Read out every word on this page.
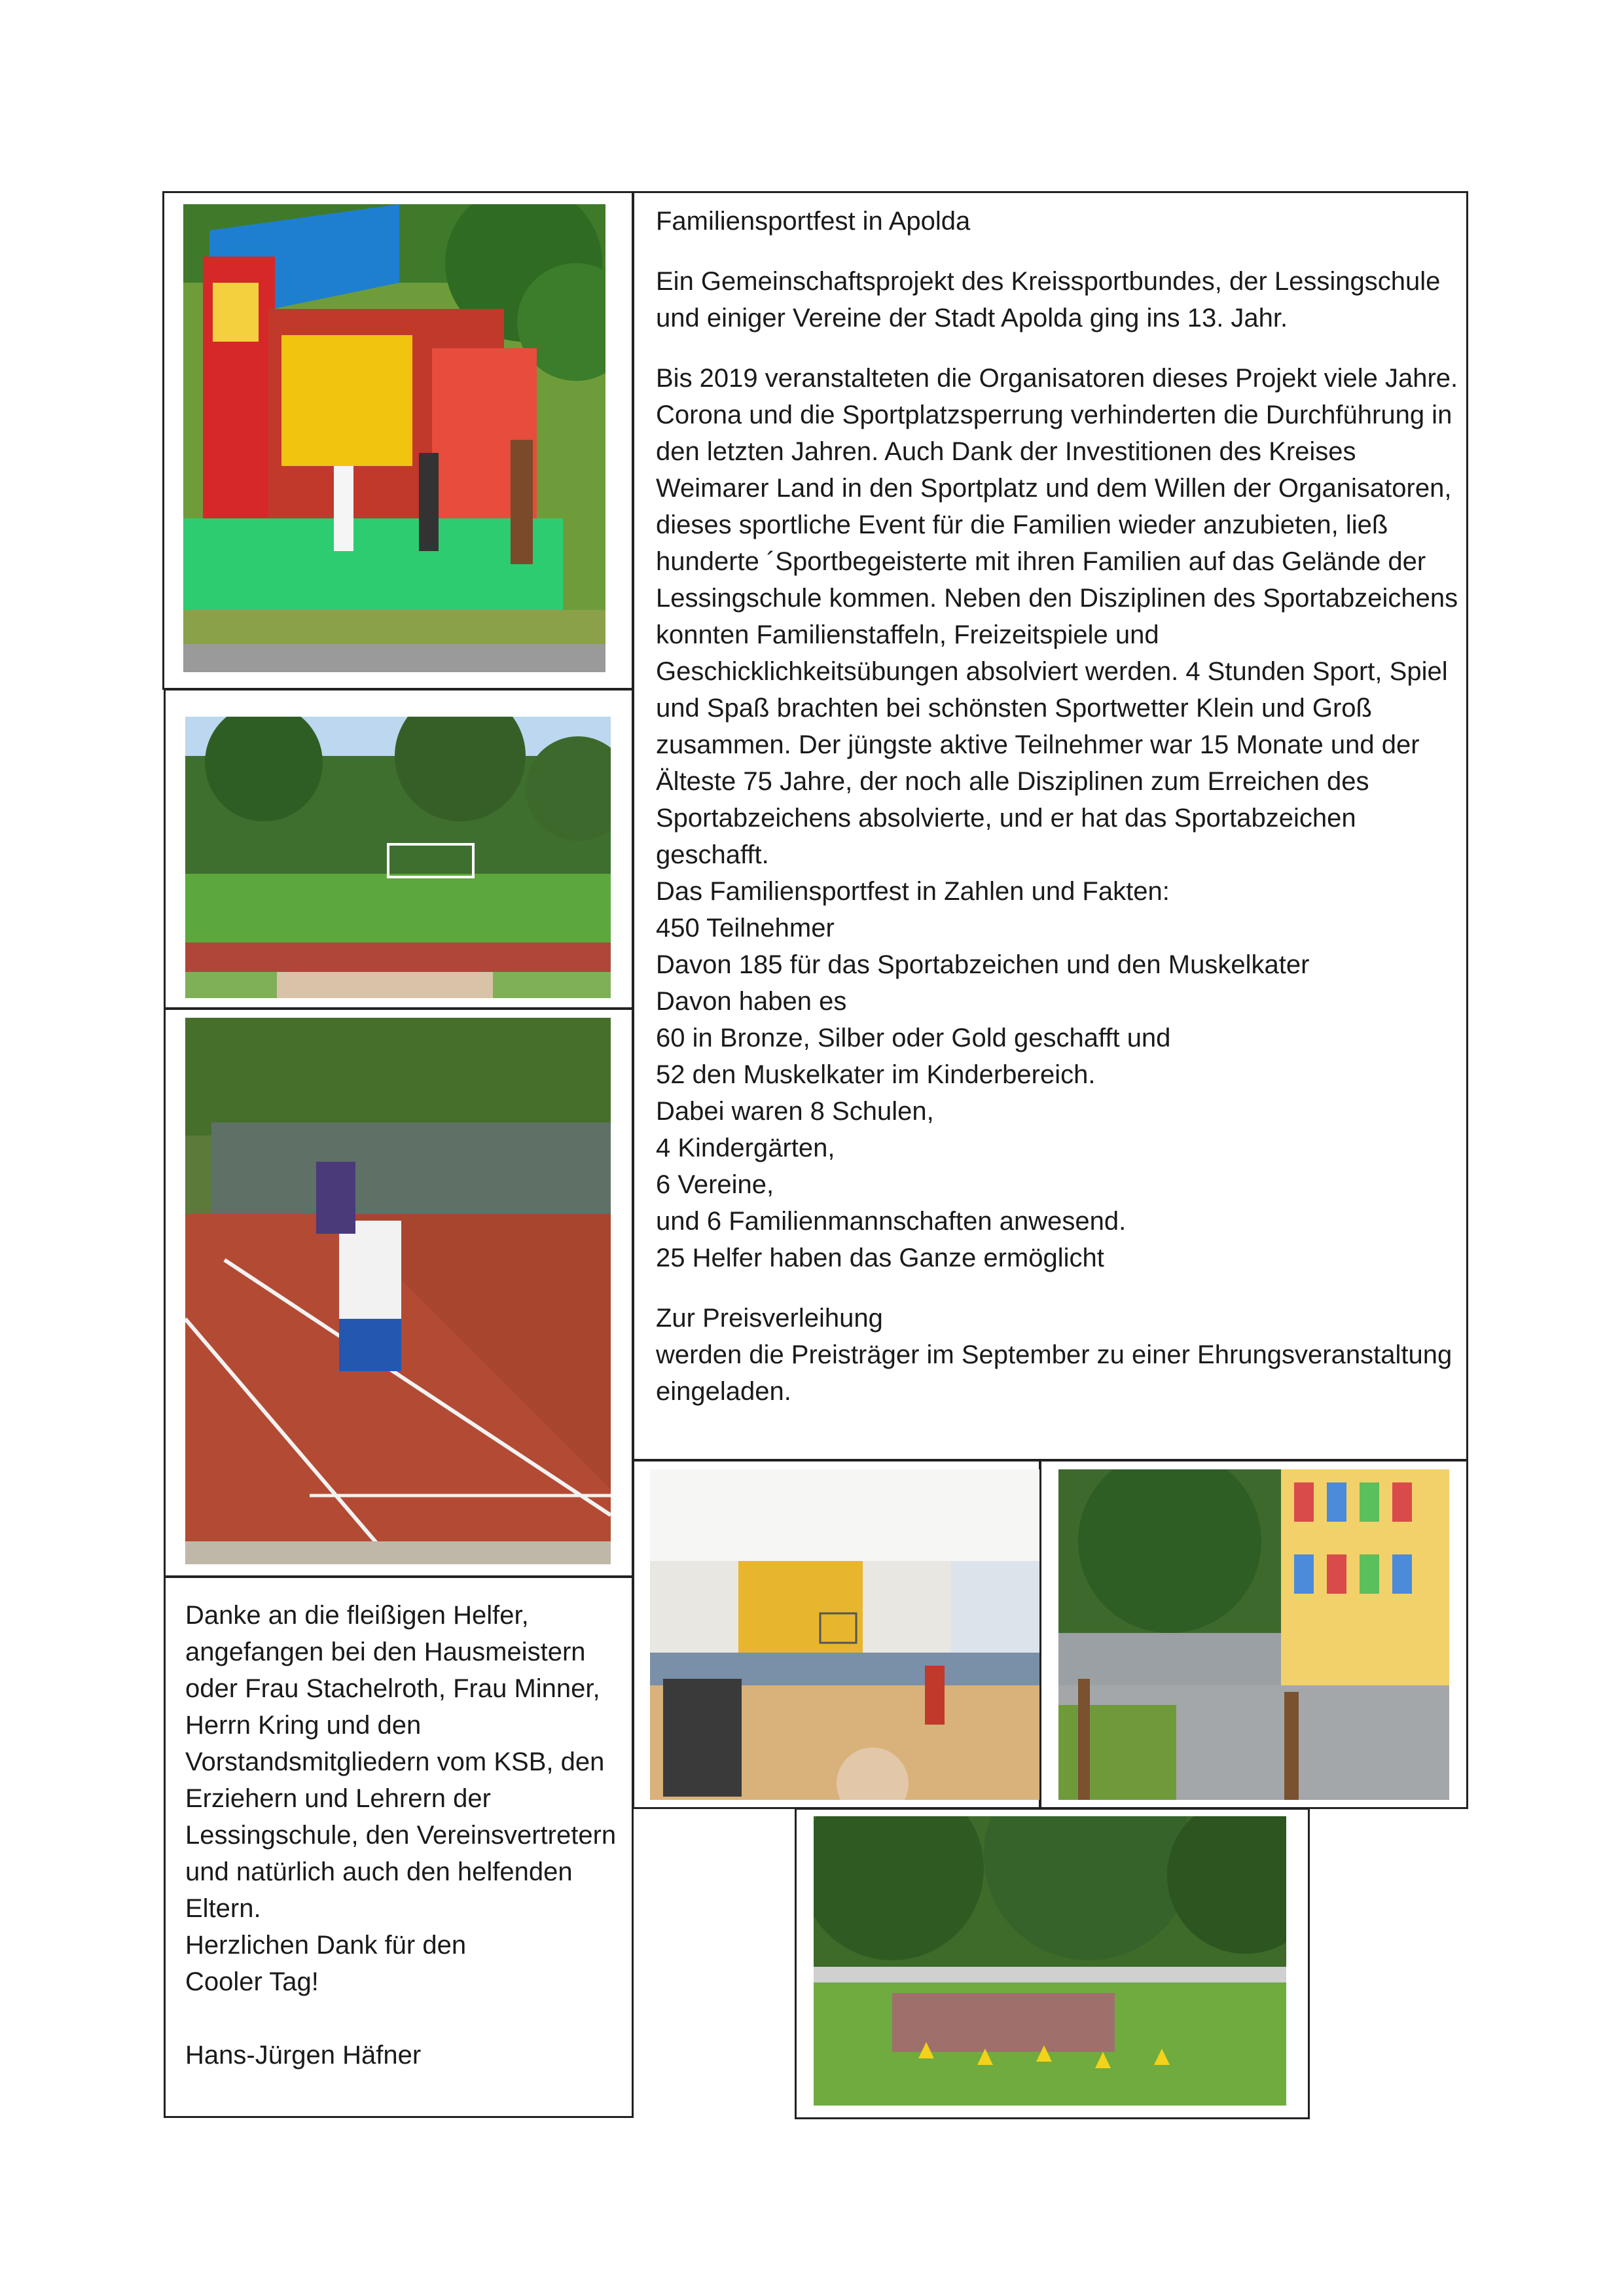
Familiensportfest in Apolda

Ein Gemeinschaftsprojekt des Kreissportbundes, der Lessingschule und einiger Vereine der Stadt Apolda ging ins 13. Jahr.

Bis 2019 veranstalteten die Organisatoren dieses Projekt viele Jahre. Corona und die Sportplatzsperrung verhinderten die Durchführung in den letzten Jahren. Auch Dank der Investitionen des Kreises Weimarer Land in den Sportplatz und dem Willen der Organisatoren, dieses sportliche Event für die Familien wieder anzubieten, ließ hunderte ´Sportbegeisterte mit ihren Familien auf das Gelände der Lessingschule kommen. Neben den Disziplinen des Sportabzeichens konnten Familienstaffeln, Freizeitspiele und Geschicklichkeitsübungen absolviert werden. 4 Stunden Sport, Spiel und Spaß brachten bei schönsten Sportwetter Klein und Groß zusammen. Der jüngste aktive Teilnehmer war 15 Monate und der Älteste 75 Jahre, der noch alle Disziplinen zum Erreichen des Sportabzeichens absolvierte, und er hat das Sportabzeichen geschafft.

Das Familiensportfest in Zahlen und Fakten:
450 Teilnehmer
Davon 185 für das Sportabzeichen und den Muskelkater
Davon haben es
60 in Bronze, Silber oder Gold geschafft und
52 den Muskelkater im Kinderbereich.
Dabei waren 8 Schulen,
4 Kindergärten,
6 Vereine,
und 6 Familienmannschaften anwesend.
25 Helfer haben das Ganze ermöglicht

Zur Preisverleihung

werden die Preisträger im September zu einer Ehrungsveranstaltung eingeladen.

Danke an die fleißigen Helfer, angefangen bei den Hausmeistern oder Frau Stachelroth, Frau Minner, Herrn Kring und den Vorstandsmitgliedern vom KSB, den Erziehern und Lehrern der Lessingschule, den Vereinsvertretern und natürlich auch den helfenden Eltern.

Herzlichen Dank für den

Cooler Tag!

Hans-Jürgen Häfner
